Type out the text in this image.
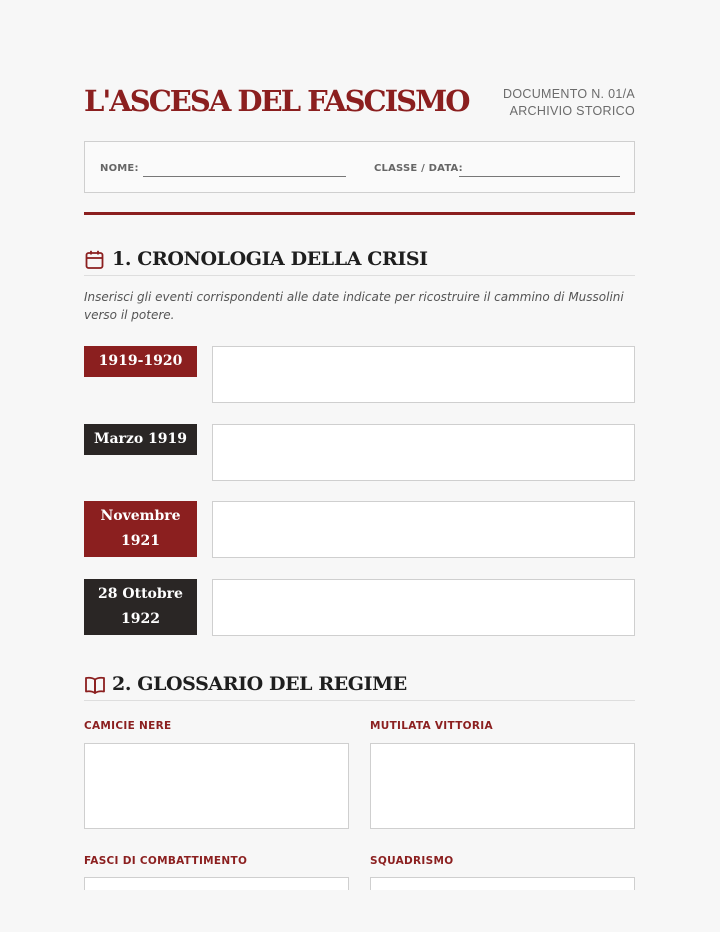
L'ASCESA DEL FASCISMO	DOCUMENTO N. 01/A
ARCHIVIO STORICO
NOME:	CLASSE / DATA:
1. CRONOLOGIA DELLA CRISI
Inserisci gli eventi corrispondenti alle date indicate per ricostruire il cammino di Mussolini verso il potere.
1919-1920
Marzo 1919
Novembre 1921
28 Ottobre 1922
2. GLOSSARIO DEL REGIME
CAMICIE NERE	MUTILATA VITTORIA
FASCI DI COMBATTIMENTO	SQUADRISMO
